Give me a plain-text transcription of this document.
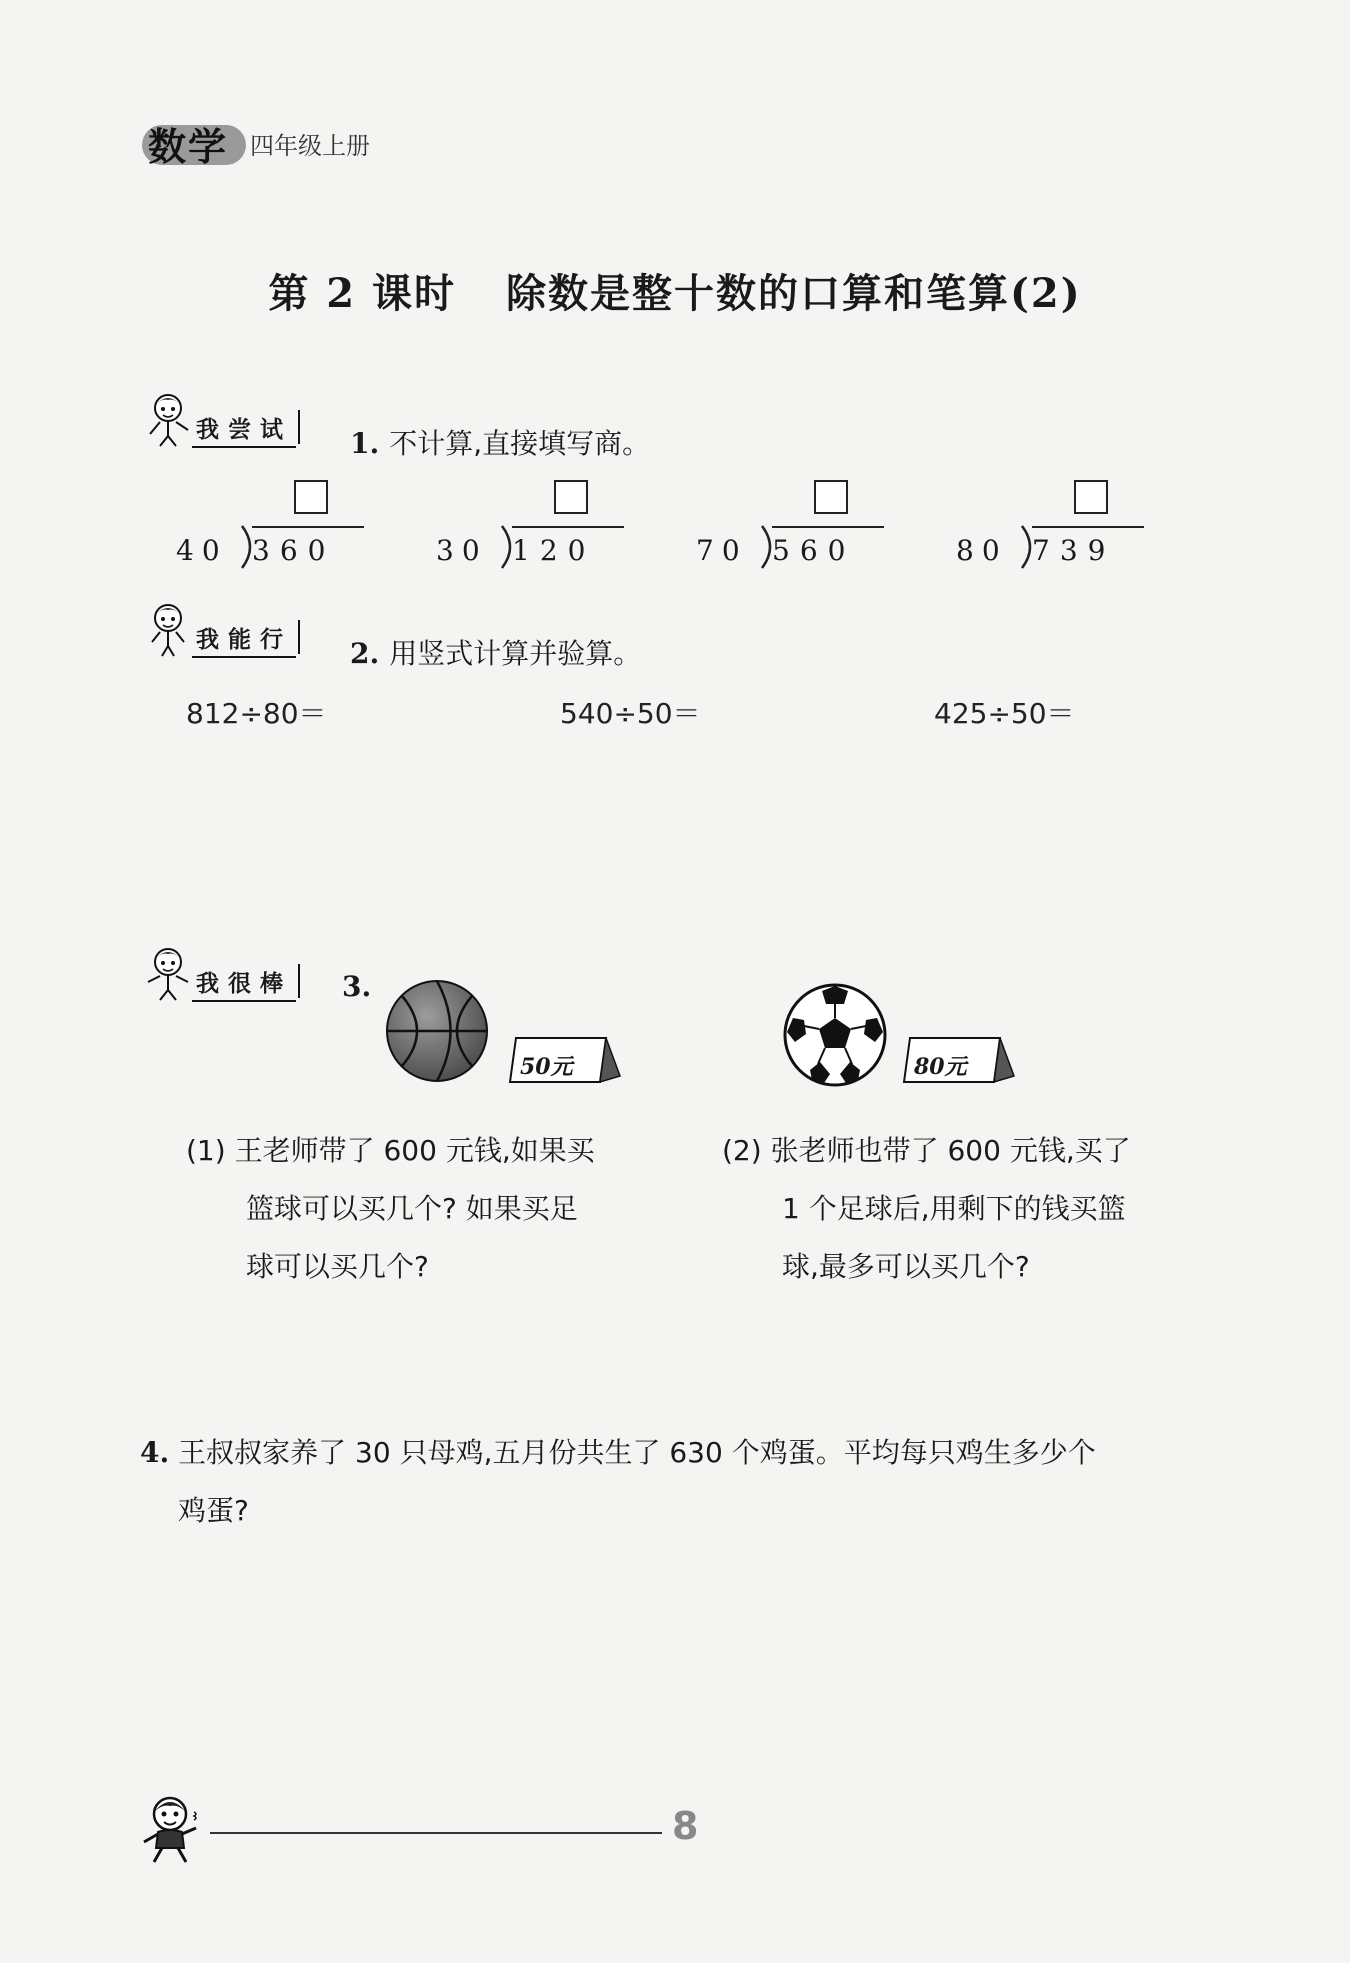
数学 四年级上册
第 2 课时 除数是整十数的口算和笔算(2)
我尝试 1. 不计算,直接填写商。
40 360	30 120	70 560	80 739
我能行 2. 用竖式计算并验算。
812÷80＝	540÷50＝	425÷50＝
我很棒 3.
50元	80元
(1) 王老师带了 600 元钱,如果买
篮球可以买几个? 如果买足
球可以买几个?
(2) 张老师也带了 600 元钱,买了
1 个足球后,用剩下的钱买篮
球,最多可以买几个?
4. 王叔叔家养了 30 只母鸡,五月份共生了 630 个鸡蛋。平均每只鸡生多少个
鸡蛋?
8
